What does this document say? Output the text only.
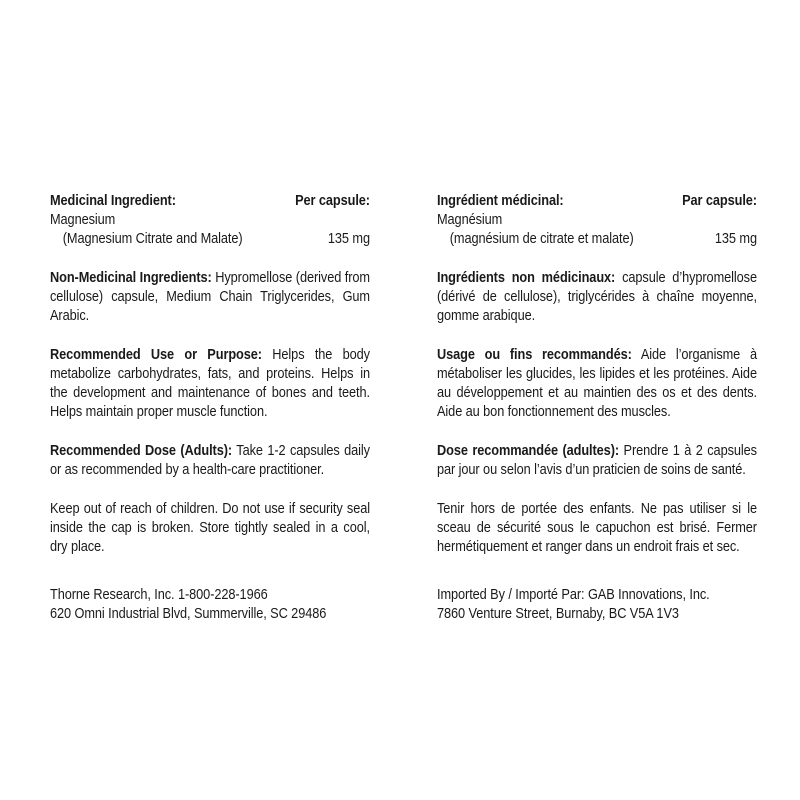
Medicinal Ingredient:	Per capsule:
Magnesium
(Magnesium Citrate and Malate)	135 mg

Non-Medicinal Ingredients: Hypromellose (derived from cellulose) capsule, Medium Chain Triglycerides, Gum Arabic.

Recommended Use or Purpose: Helps the body metabolize carbohydrates, fats, and proteins. Helps in the development and maintenance of bones and teeth. Helps maintain proper muscle function.

Recommended Dose (Adults): Take 1-2 capsules daily or as recommended by a health-care practitioner.

Keep out of reach of children. Do not use if security seal inside the cap is broken. Store tightly sealed in a cool, dry place.

Thorne Research, Inc. 1-800-228-1966
620 Omni Industrial Blvd, Summerville, SC 29486
Ingrédient médicinal:	Par capsule:
Magnésium
(magnésium de citrate et malate)	135 mg

Ingrédients non médicinaux: capsule d’hypromellose (dérivé de cellulose), triglycérides à chaîne moyenne, gomme arabique.

Usage ou fins recommandés: Aide l’organisme à métaboliser les glucides, les lipides et les protéines. Aide au développement et au maintien des os et des dents. Aide au bon fonctionnement des muscles.

Dose recommandée (adultes): Prendre 1 à 2 capsules par jour ou selon l’avis d’un praticien de soins de santé.

Tenir hors de portée des enfants. Ne pas utiliser si le sceau de sécurité sous le capuchon est brisé. Fermer hermétiquement et ranger dans un endroit frais et sec.

Imported By / Importé Par: GAB Innovations, Inc.
7860 Venture Street, Burnaby, BC V5A 1V3
